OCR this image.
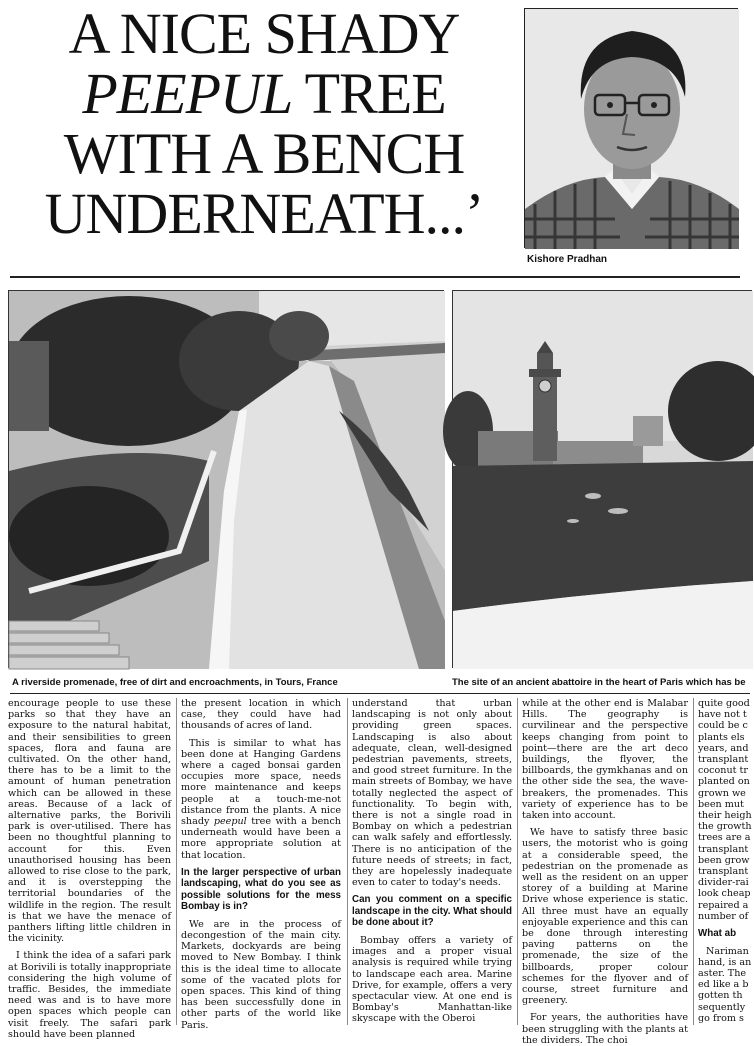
A NICE SHADY
PEEPUL TREE
WITH A BENCH
UNDERNEATH...’
Kishore Pradhan
A riverside promenade, free of dirt and encroachments, in Tours, France	The site of an ancient abattoire in the heart of Paris which has be

encourage people to use these parks so that they have an exposure to the natural habitat, and their sensibilities to green spaces, flora and fauna are cultivated. On the other hand, there has to be a limit to the amount of human penetration which can be allowed in these areas. Because of a lack of alternative parks, the Borivili park is over-utilised. There has been no thoughtful planning to account for this. Even unauthorised housing has been allowed to rise close to the park, and it is overstepping the territorial boundaries of the wildlife in the region. The result is that we have the menace of panthers lifting little children in the vicinity.

I think the idea of a safari park at Borivili is totally inappropriate considering the high volume of traffic. Besides, the immediate need was and is to have more open spaces which people can visit freely. The safari park should have been planned

the present location in which case, they could have had thousands of acres of land.

This is similar to what has been done at Hanging Gardens where a caged bonsai garden occupies more space, needs more maintenance and keeps people at a touch-me-not distance from the plants. A nice shady peepul tree with a bench underneath would have been a more appropriate solution at that location.

In the larger perspective of urban landscaping, what do you see as possible solutions for the mess Bombay is in?

We are in the process of decongestion of the main city. Markets, dockyards are being moved to New Bombay. I think this is the ideal time to allocate some of the vacated plots for open spaces. This kind of thing has been successfully done in other parts of the world like Paris.

understand that urban landscaping is not only about providing green spaces. Landscaping is also about adequate, clean, well-designed pedestrian pavements, streets, and good street furniture. In the main streets of Bombay, we have totally neglected the aspect of functionality. To begin with, there is not a single road in Bombay on which a pedestrian can walk safely and effortlessly. There is no anticipation of the future needs of streets; in fact, they are hopelessly inadequate even to cater to today's needs.

Can you comment on a specific landscape in the city. What should be done about it?

Bombay offers a variety of images and a proper visual analysis is required while trying to landscape each area. Marine Drive, for example, offers a very spectacular view. At one end is Bombay's Manhattan-like skyscape with the Oberoi

while at the other end is Malabar Hills. The geography is curvilinear and the perspective keeps changing from point to point—there are the art deco buildings, the flyover, the billboards, the gymkhanas and on the other side the sea, the wave-breakers, the promenades. This variety of experience has to be taken into account.

We have to satisfy three basic users, the motorist who is going at a considerable speed, the pedestrian on the promenade as well as the resident on an upper storey of a building at Marine Drive whose experience is static. All three must have an equally enjoyable experience and this can be done through interesting paving patterns on the promenade, the size of the billboards, proper colour schemes for the flyover and of course, street furniture and greenery.

For years, the authorities have been struggling with the plants at the dividers. The choi

quite good have not t could be c plants els years, and transplant coconut tr planted on grown we been mut their heigh the growth trees are a transplant been grow transplant divider-rai look cheap repaired a number of

What ab

Nariman hand, is an aster. The ed like a b gotten th sequently go from s
